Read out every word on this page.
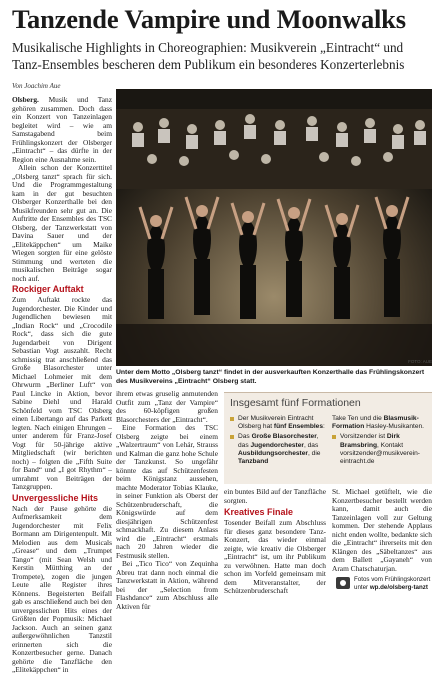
Tanzende Vampire und Moonwalks
Musikalische Highlights in Choreographien: Musikverein „Eintracht“ und Tanz-Ensembles bescheren dem Publikum ein besonderes Konzerterlebnis
Von Joachim Aue

Olsberg. Musik und Tanz gehören zusammen. Doch dass ein Konzert von Tanzeinlagen begleitet wird – wie am Samstagabend beim Frühlingskonzert der Olsberger „Eintracht“ – das dürfte in der Region eine Ausnahme sein.

Allein schon der Konzerttitel „Olsberg tanzt“ sprach für sich. Und die Programmgestaltung kam in der gut besuchten Olsberger Konzerthalle bei den Musikfreunden sehr gut an. Die Auftritte der Ensembles des TSC Olsberg, der Tanzwerkstatt von Davina Sauer und der „Elitekäppchen“ um Maike Wiegen sorgten für eine gelöste Stimmung und werteten die musikalischen Beiträge sogar noch auf.

Rockiger Auftakt

Zum Auftakt rockte das Jugendorchester. Die Kinder und Jugendlichen bewiesen mit „Indian Rock“ und „Crocodile Rock“, dass sich die gute Jugendarbeit von Dirigent Sebastian Vogt auszahlt. Recht schmissig trat anschließend das Große Blasorchester unter Michael Lohmeier mit dem Ohrwurm „Berliner Luft“ von Paul Lincke in Aktion, bevor Sabine Diehl und Harald Schönfeld vom TSC Olsberg einen Libertango auf das Parkett legten. Nach einigen Ehrungen – unter anderem für Franz-Josef Vogt für 50-jährige aktive Mitgliedschaft (wir berichten noch) – folgten die „Fifth Suite for Band“ und „I got Rhythm“ – umrahmt von Beiträgen der Tanzgruppen.

Unvergessliche Hits

Nach der Pause gehörte die Aufmerksamkeit dem Jugendorchester mit Felix Bormann am Dirigentenpult. Mit Melodien aus dem Musicals „Grease“ und dem „Trumpet Tango“ (mit Sean Welsh und Kerstin Mütthing an der Trompete), zogen die jungen Leute alle Register ihres Könnens. Begeisterten Beifall gab es anschließend auch bei den unvergesslichen Hits eines der Größten der Popmusik: Michael Jackson. Auch an seinen ganz außergewöhnlichen Tanzstil erinnerten sich die Konzertbesucher gerne. Danach gehörte die Tanzfläche den „Elitekäppchen“ in

FOTO: AUE
Unter dem Motto „Olsberg tanzt“ findet in der ausverkauften Konzerthalle das Frühlingskonzert des Musikvereins „Eintracht“ Olsberg statt.

ihrem etwas gruselig anmutenden Outfit zum „Tanz der Vampire“ des 60-köpfigen großen Blasorchesters der „Eintracht“.

Eine Formation des TSC Olsberg zeigte bei einem „Walzertraum“ von Lehár, Strauss und Kalman die ganz hohe Schule der Tanzkunst. So ungefähr könnte das auf Schützenfesten beim Königstanz aussehen, machte Moderator Tobias Klauke, in seiner Funktion als Oberst der Schützenbruderschaft, die Königswürde auf dem diesjährigen Schützenfest schmackhaft. Zu diesem Anlass wird die „Eintracht“ erstmals nach 20 Jahren wieder die Festmusik stellen.

Bei „Tico Tico“ von Zequinha Abreu trat dann noch einmal die Tanzwerkstatt in Aktion, während bei der „Selection from Flashdance“ zum Abschluss alle Aktiven für

Insgesamt fünf Formationen
Der Musikverein Eintracht Olsberg hat fünf Ensembles:
Das Große Blasorchester, das Jugendorchester, das Ausbildungsorchester, die Tanzband
Take Ten und die Blasmusik-Formation Hasley-Musikanten.
Vorsitzender ist Dirk Bramsbring, Kontakt vorsitzender@musikverein-eintracht.de

ein buntes Bild auf der Tanzfläche sorgten.

Kreatives Finale

Tosender Beifall zum Abschluss für dieses ganz besondere Tanz-Konzert, das wieder einmal zeigte, wie kreativ die Olsberger „Eintracht“ ist, um ihr Publikum zu verwöhnen. Hatte man doch schon im Vorfeld gemeinsam mit dem Mitveranstalter, der Schützenbruderschaft

St. Michael getüftelt, wie die Konzertbesucher bestellt werden kann, damit auch die Tanzeinlagen voll zur Geltung kommen. Der stehende Applaus nicht enden wollte, bedankte sich die „Eintracht“ ihrerseits mit den Klängen des „Säbeltanzes“ aus dem Ballett „Gayaneh“ von Aram Chatschaturjan.

Fotos vom Frühlingskonzert
unter wp.de/olsberg-tanzt
